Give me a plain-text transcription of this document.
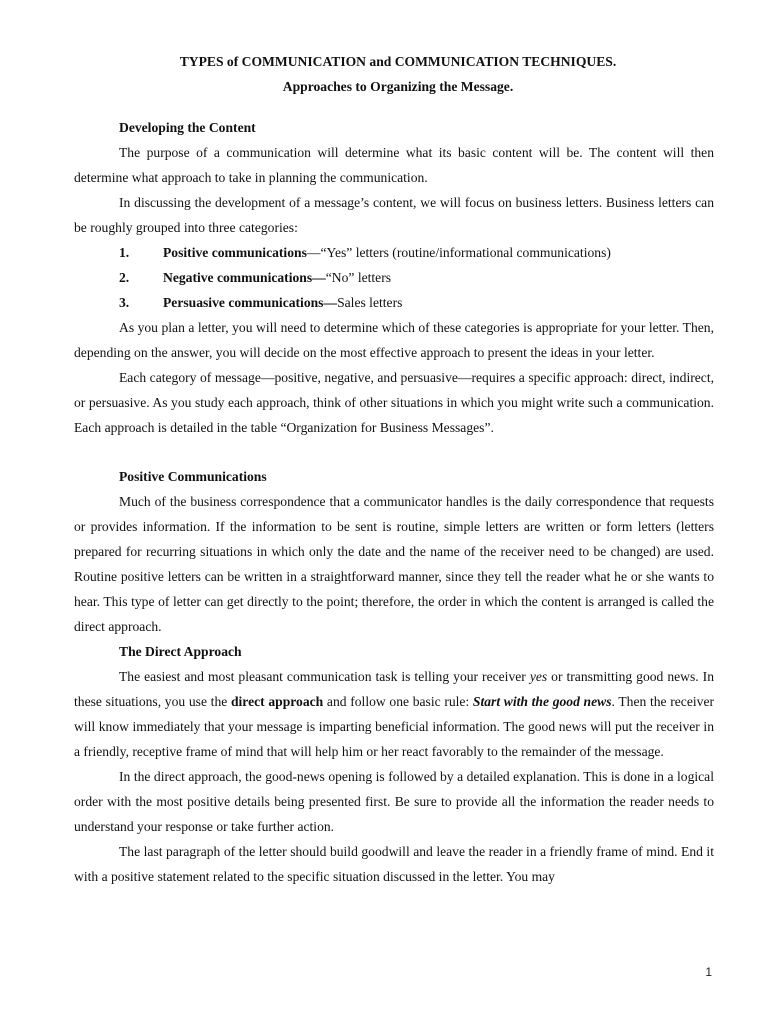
TYPES of COMMUNICATION and COMMUNICATION TECHNIQUES.
Approaches to Organizing the Message.
Developing the Content

The purpose of a communication will determine what its basic content will be. The content will then determine what approach to take in planning the communication.

In discussing the development of a message’s content, we will focus on business letters. Business letters can be roughly grouped into three categories:

1.	Positive communications—“Yes” letters (routine/informational communications)
2.	Negative communications—“No” letters
3.	Persuasive communications—Sales letters

As you plan a letter, you will need to determine which of these categories is appropriate for your letter. Then, depending on the answer, you will decide on the most effective approach to present the ideas in your letter.

Each category of message—positive, negative, and persuasive—requires a specific approach: direct, indirect, or persuasive. As you study each approach, think of other situations in which you might write such a communication. Each approach is detailed in the table “Organization for Business Messages”.

Positive Communications

Much of the business correspondence that a communicator handles is the daily correspondence that requests or provides information. If the information to be sent is routine, simple letters are written or form letters (letters prepared for recurring situations in which only the date and the name of the receiver need to be changed) are used. Routine positive letters can be written in a straightforward manner, since they tell the reader what he or she wants to hear. This type of letter can get directly to the point; therefore, the order in which the content is arranged is called the direct approach.

The Direct Approach

The easiest and most pleasant communication task is telling your receiver yes or transmitting good news. In these situations, you use the direct approach and follow one basic rule: Start with the good news. Then the receiver will know immediately that your message is imparting beneficial information. The good news will put the receiver in a friendly, receptive frame of mind that will help him or her react favorably to the remainder of the message.

In the direct approach, the good-news opening is followed by a detailed explanation. This is done in a logical order with the most positive details being presented first. Be sure to provide all the information the reader needs to understand your response or take further action.

The last paragraph of the letter should build goodwill and leave the reader in a friendly frame of mind. End it with a positive statement related to the specific situation discussed in the letter. You may

1
